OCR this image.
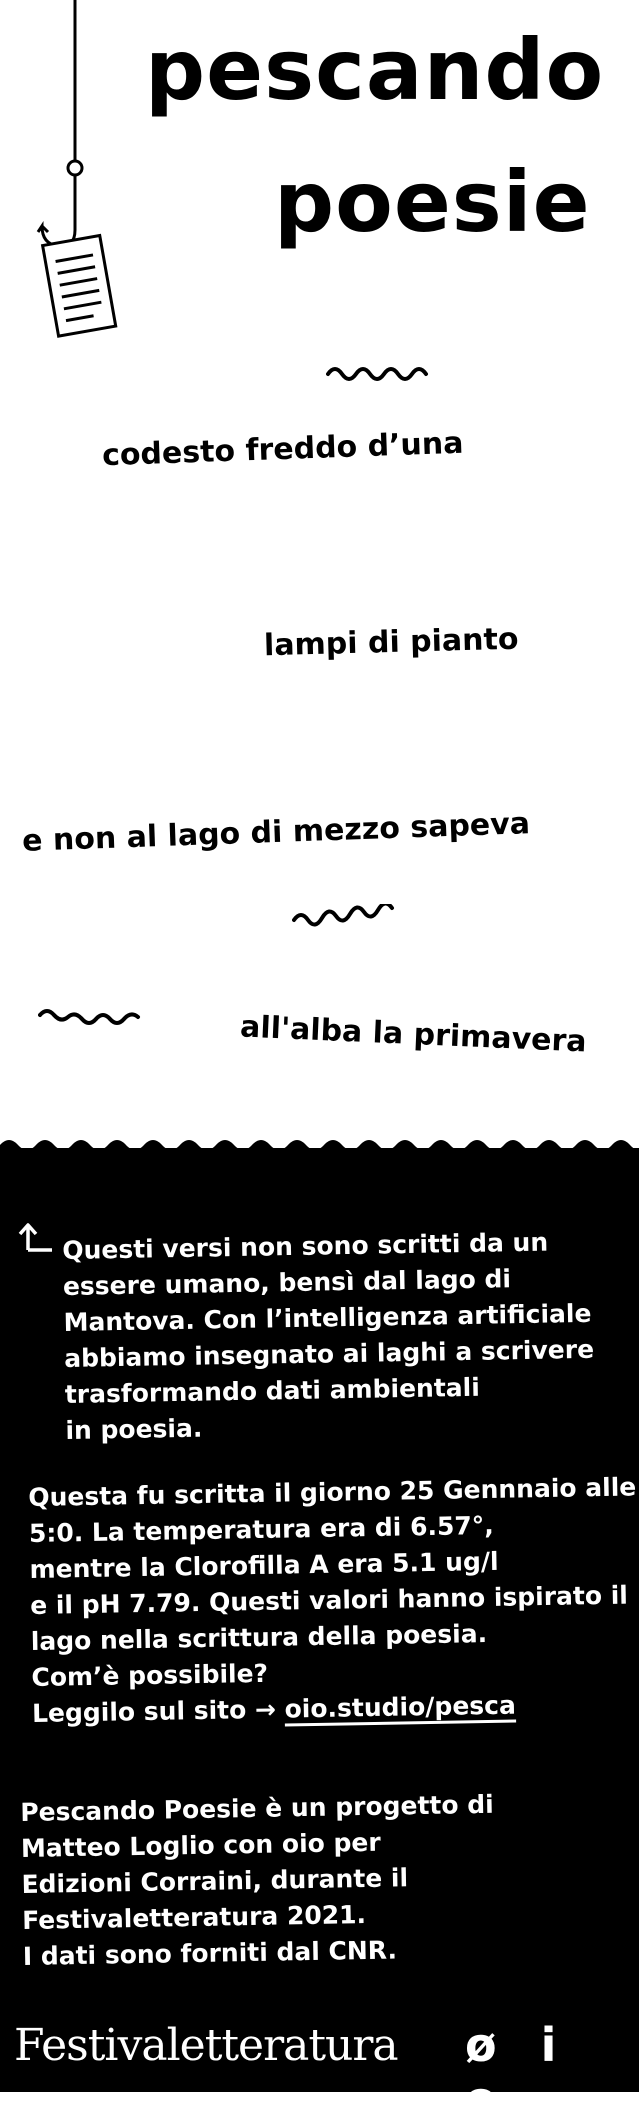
pescando
poesie

codesto freddo d’una

lampi di pianto

e non al lago di mezzo sapeva

all'alba la primavera

Questi versi non sono scritti da un
essere umano, bensì dal lago di
Mantova. Con l’intelligenza artificiale
abbiamo insegnato ai laghi a scrivere
trasformando dati ambientali
in poesia.
Questa fu scritta il giorno 25 Gennnaio alle
5:0. La temperatura era di 6.57°,
mentre la Clorofilla A era 5.1 ug/l
e il pH 7.79. Questi valori hanno ispirato il
lago nella scrittura della poesia.
Com’è possibile?
Leggilo sul sito → oio.studio/pesca
Pescando Poesie è un progetto di
Matteo Loglio con oio per
Edizioni Corraini, durante il
Festivaletteratura 2021.
I dati sono forniti dal CNR.

Festivaletteratura ø i o
